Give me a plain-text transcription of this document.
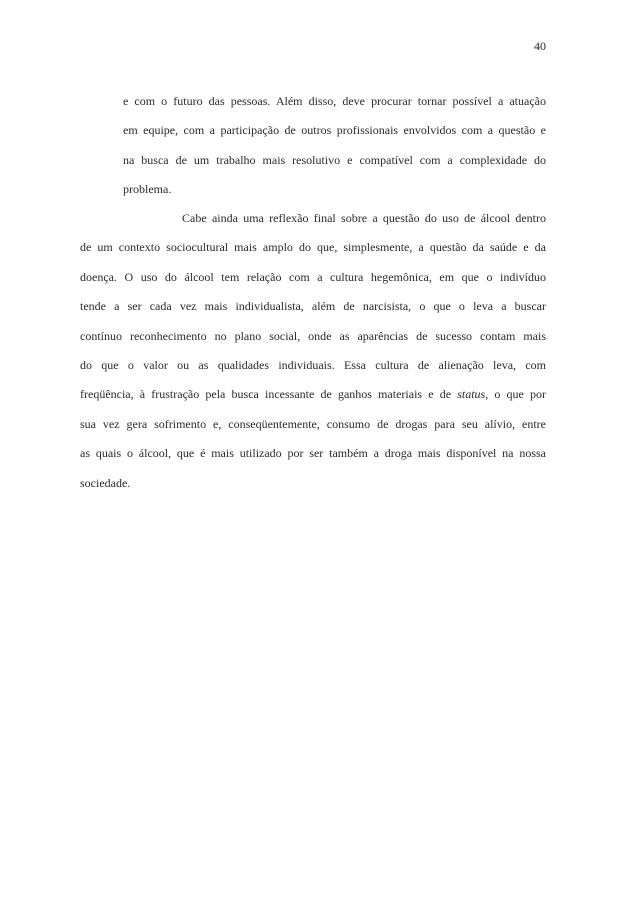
40
e com o futuro das pessoas. Além disso, deve procurar tornar possível a atuação
em equipe, com a participação de outros profissionais envolvidos com a questão e
na busca de um trabalho mais resolutivo e compatível com a complexidade do
problema.
Cabe ainda uma reflexão final sobre a questão do uso de álcool dentro
de um contexto sociocultural mais amplo do que, simplesmente, a questão da saúde e da
doença. O uso do álcool tem relação com a cultura hegemônica, em que o indivíduo
tende a ser cada vez mais individualista, além de narcisista, o que o leva a buscar
contínuo reconhecimento no plano social, onde as aparências de sucesso contam mais
do que o valor ou as qualidades individuais. Essa cultura de alienação leva, com
freqüência, à frustração pela busca incessante de ganhos materiais e de status, o que por
sua vez gera sofrimento e, conseqüentemente, consumo de drogas para seu alívio, entre
as quais o álcool, que é mais utilizado por ser também a droga mais disponível na nossa
sociedade.
